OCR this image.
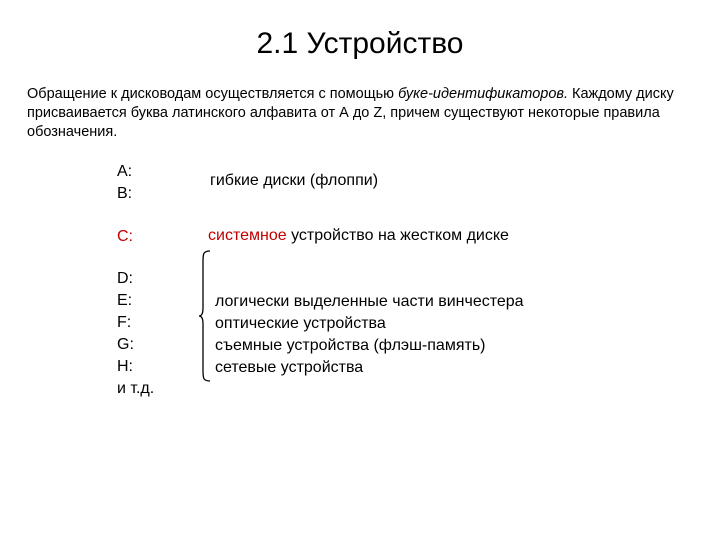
2.1 Устройство
Обращение к дисководам осуществляется с помощью буке-идентификаторов. Каждому диску присваивается буква латинского алфавита от А до Z, причем существуют некоторые правила обозначения.
А:
В:
гибкие диски (флоппи)
С:	системное устройство на жестком диске
D:
E:
F:
G:
H:
и т.д.
логически выделенные части винчестера
оптические устройства
съемные устройства (флэш-память)
сетевые устройства
